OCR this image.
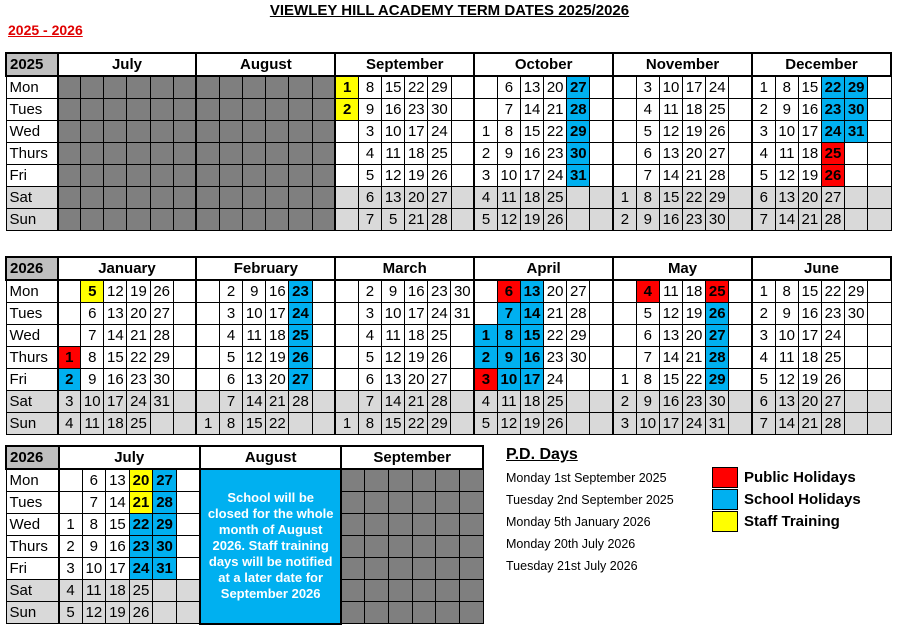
VIEWLEY HILL ACADEMY TERM DATES 2025/2026
2025 - 2026
2025	July						August						September						October						November						December					
Mon													1	8	15	22	29			6	13	20	27			3	10	17	24		1	8	15	22	29	
Tues													2	9	16	23	30			7	14	21	28			4	11	18	25		2	9	16	23	30	
Wed														3	10	17	24		1	8	15	22	29			5	12	19	26		3	10	17	24	31	
Thurs														4	11	18	25		2	9	16	23	30			6	13	20	27		4	11	18	25		
Fri														5	12	19	26		3	10	17	24	31			7	14	21	28		5	12	19	26		
Sat														6	13	20	27		4	11	18	25			1	8	15	22	29		6	13	20	27		
Sun														7	5	21	28		5	12	19	26			2	9	16	23	30		7	14	21	28		
2026	January						February						March						April						May						June					
Mon		5	12	19	26			2	9	16	23			2	9	16	23	30		6	13	20	27			4	11	18	25		1	8	15	22	29	
Tues		6	13	20	27			3	10	17	24			3	10	17	24	31		7	14	21	28			5	12	19	26		2	9	16	23	30	
Wed		7	14	21	28			4	11	18	25			4	11	18	25		1	8	15	22	29			6	13	20	27		3	10	17	24		
Thurs	1	8	15	22	29			5	12	19	26			5	12	19	26		2	9	16	23	30			7	14	21	28		4	11	18	25		
Fri	2	9	16	23	30			6	13	20	27			6	13	20	27		3	10	17	24			1	8	15	22	29		5	12	19	26		
Sat	3	10	17	24	31			7	14	21	28			7	14	21	28		4	11	18	25			2	9	16	23	30		6	13	20	27		
Sun	4	11	18	25			1	8	15	22			1	8	15	22	29		5	12	19	26			3	10	17	24	31		7	14	21	28		
2026	July						August	September					
Mon		6	13	20	27		School will be closed for the whole month of August 2026. Staff training days will be notified at a later date for September 2026						
Tues		7	14	21	28								
Wed	1	8	15	22	29								
Thurs	2	9	16	23	30								
Fri	3	10	17	24	31								
Sat	4	11	18	25									
Sun	5	12	19	26									
P.D. Days
Monday 1st September 2025
Tuesday 2nd September 2025
Monday 5th January 2026
Monday 20th July 2026
Tuesday 21st July 2026
Public Holidays
School Holidays
Staff Training
